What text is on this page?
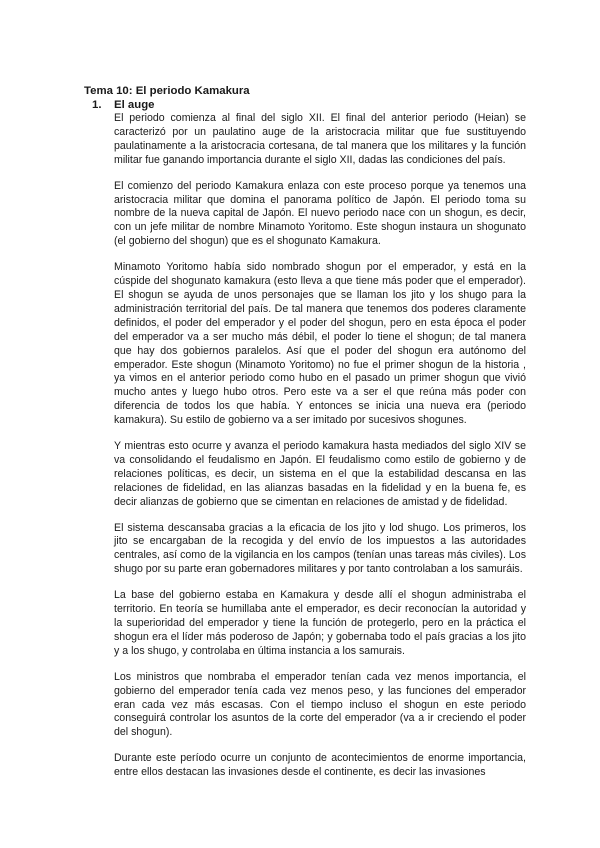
Tema 10: El periodo Kamakura
1.	El auge

El periodo comienza al final del siglo XII. El final del anterior periodo (Heian) se caracterizó por un paulatino auge de la aristocracia militar que fue sustituyendo paulatinamente a la aristocracia cortesana, de tal manera que los militares y la función militar fue ganando importancia durante el siglo XII, dadas las condiciones del país.

El comienzo del periodo Kamakura enlaza con este proceso porque ya tenemos una aristocracia militar que domina el panorama político de Japón. El periodo toma su nombre de la nueva capital de Japón. El nuevo periodo nace con un shogun, es decir, con un jefe militar de nombre Minamoto Yoritomo. Este shogun instaura un shogunato (el gobierno del shogun) que es el shogunato Kamakura.

Minamoto Yoritomo había sido nombrado shogun por el emperador, y está en la cúspide del shogunato kamakura (esto lleva a que tiene más poder que el emperador). El shogun se ayuda de unos personajes que se llaman los jito y los shugo para la administración territorial del país. De tal manera que tenemos dos poderes claramente definidos, el poder del emperador y el poder del shogun, pero en esta época el poder del emperador va a ser mucho más débil, el poder lo tiene el shogun; de tal manera que hay dos gobiernos paralelos. Así que el poder del shogun era autónomo del emperador. Este shogun (Minamoto Yoritomo) no fue el primer shogun de la historia , ya vimos en el anterior periodo como hubo en el pasado un primer shogun que vivió mucho antes y luego hubo otros. Pero este va a ser el que reúna más poder con diferencia de todos los que había. Y entonces se inicia una nueva era (periodo kamakura). Su estilo de gobierno va a ser imitado por sucesivos shogunes.

Y mientras esto ocurre y avanza el periodo kamakura hasta mediados del siglo XIV se va consolidando el feudalismo en Japón. El feudalismo como estilo de gobierno y de relaciones políticas, es decir, un sistema en el que la estabilidad descansa en las relaciones de fidelidad, en las alianzas basadas en la fidelidad y en la buena fe, es decir alianzas de gobierno que se cimentan en relaciones de amistad y de fidelidad.

El sistema descansaba gracias a la eficacia de los jito y lod shugo. Los primeros, los jito se encargaban de la recogida y del envío de los impuestos a las autoridades centrales, así como de la vigilancia en los campos (tenían unas tareas más civiles). Los shugo por su parte eran gobernadores militares y por tanto controlaban a los samuráis.

La base del gobierno estaba en Kamakura y desde allí el shogun administraba el territorio. En teoría se humillaba ante el emperador, es decir reconocían la autoridad y la superioridad del emperador y tiene la función de protegerlo, pero en la práctica el shogun era el líder más poderoso de Japón; y gobernaba todo el país gracias a los jito y a los shugo, y controlaba en última instancia a los samurais.

Los ministros que nombraba el emperador tenían cada vez menos importancia, el gobierno del emperador tenía cada vez menos peso, y las funciones del emperador eran cada vez más escasas. Con el tiempo incluso el shogun en este periodo conseguirá controlar los asuntos de la corte del emperador (va a ir creciendo el poder del shogun).

Durante este período ocurre un conjunto de acontecimientos de enorme importancia, entre ellos destacan las invasiones desde el continente, es decir las invasiones
